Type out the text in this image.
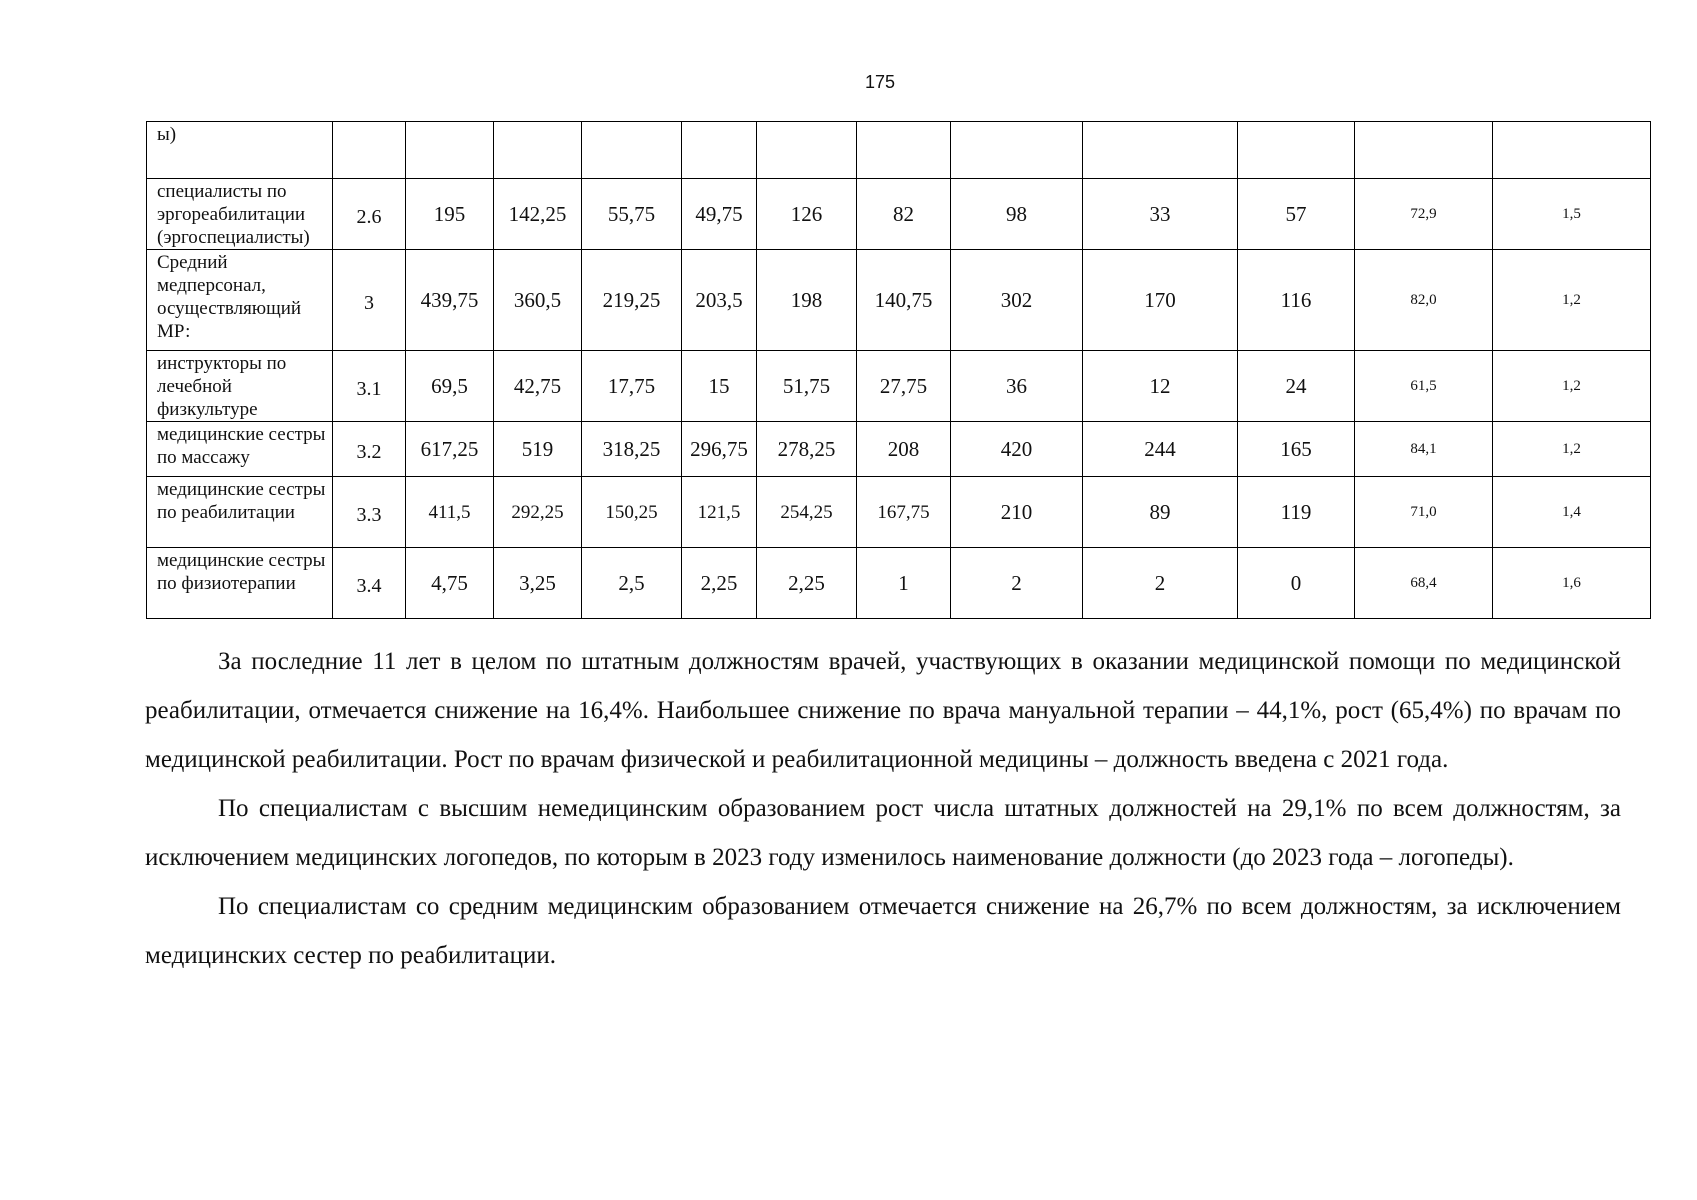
175
ы)												
специалисты по эргореабилитации (эргоспециалисты)	2.6	195	142,25	55,75	49,75	126	82	98	33	57	72,9	1,5
Средний медперсонал, осуществляющий МР:	3	439,75	360,5	219,25	203,5	198	140,75	302	170	116	82,0	1,2
инструкторы по лечебной физкультуре	3.1	69,5	42,75	17,75	15	51,75	27,75	36	12	24	61,5	1,2
медицинские сестры по массажу	3.2	617,25	519	318,25	296,75	278,25	208	420	244	165	84,1	1,2
медицинские сестры по реабилитации	3.3	411,5	292,25	150,25	121,5	254,25	167,75	210	89	119	71,0	1,4
медицинские сестры по физиотерапии	3.4	4,75	3,25	2,5	2,25	2,25	1	2	2	0	68,4	1,6

За последние 11 лет в целом по штатным должностям врачей, участвующих в оказании медицинской помощи по медицинской реабилитации, отмечается снижение на 16,4%. Наибольшее снижение по врача мануальной терапии – 44,1%, рост (65,4%) по врачам по медицинской реабилитации. Рост по врачам физической и реабилитационной медицины – должность введена с 2021 года.

По специалистам с высшим немедицинским образованием рост числа штатных должностей на 29,1% по всем должностям, за исключением медицинских логопедов, по которым в 2023 году изменилось наименование должности (до 2023 года – логопеды).

По специалистам со средним медицинским образованием отмечается снижение на 26,7% по всем должностям, за исключением медицинских сестер по реабилитации.
